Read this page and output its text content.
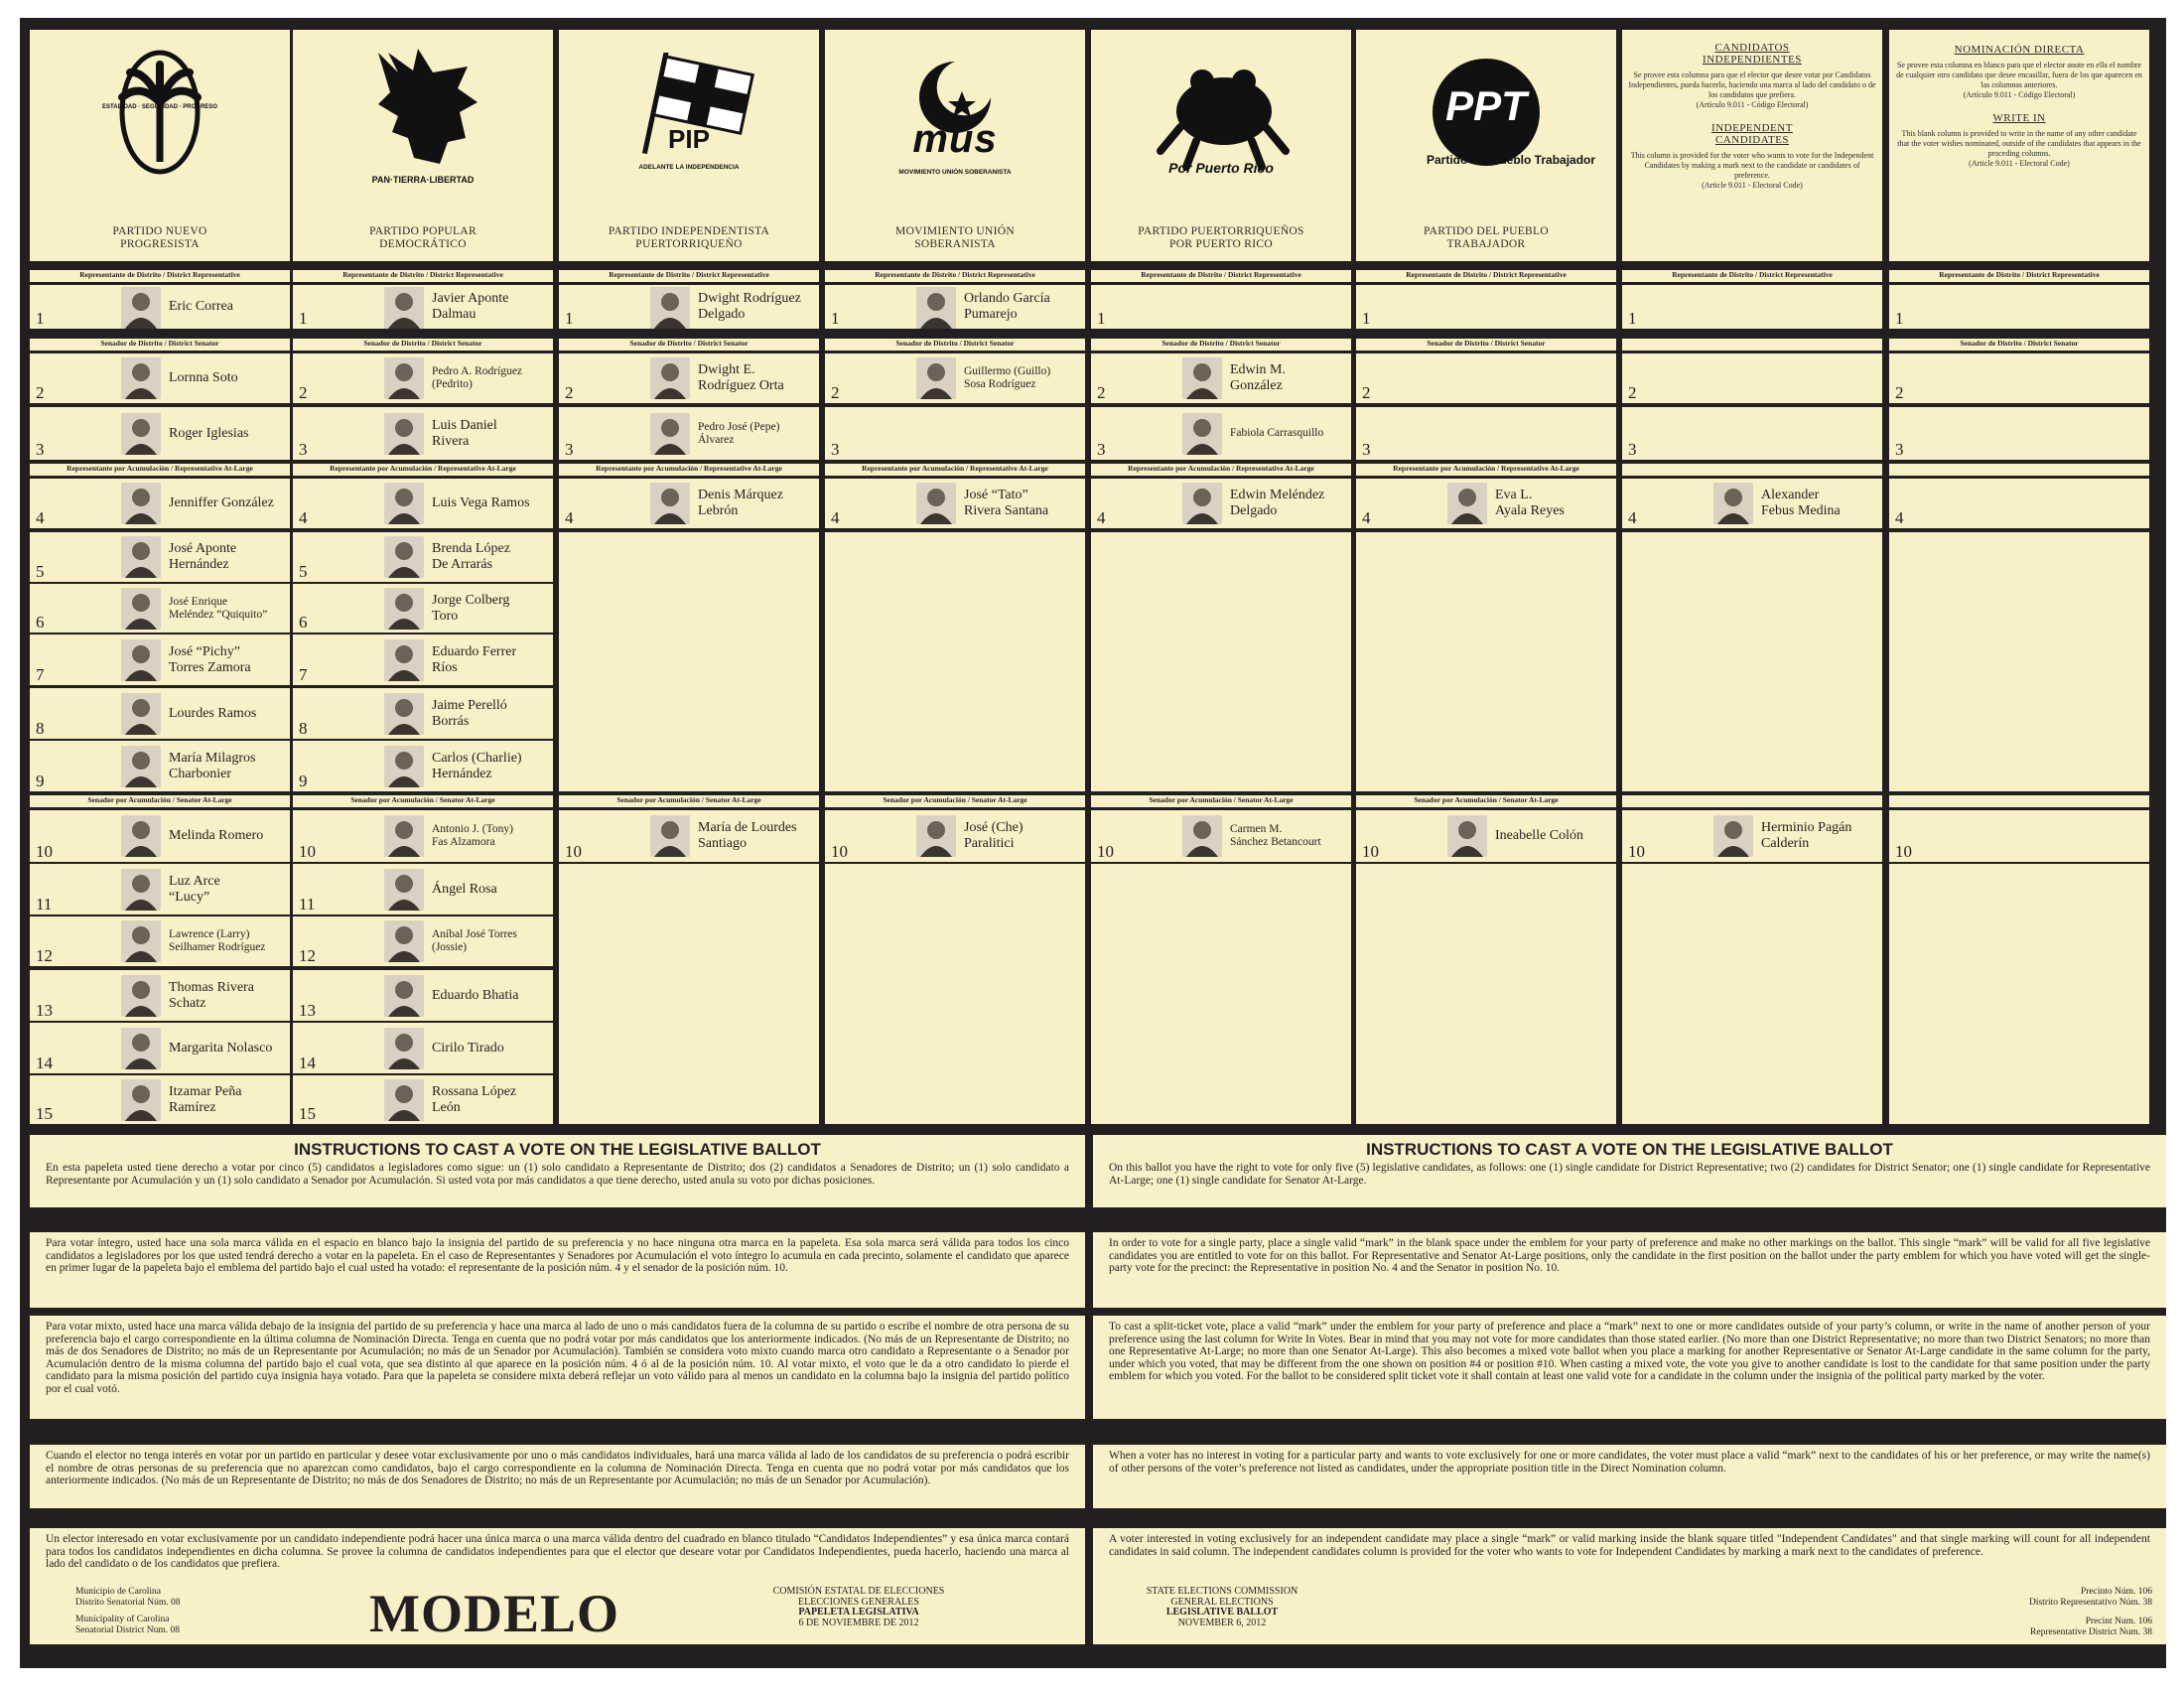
ESTADIDAD · SEGURIDAD · PROGRESO
PARTIDO NUEVO
PROGRESISTA
PAN·TIERRA·LIBERTAD
PARTIDO POPULAR
DEMOCRÁTICO
PIP
ADELANTE LA INDEPENDENCIA
PARTIDO INDEPENDENTISTA
PUERTORRIQUEÑO
mus
MOVIMIENTO UNIÓN SOBERANISTA
MOVIMIENTO UNIÓN
SOBERANISTA
Por Puerto Rico
PARTIDO PUERTORRIQUEÑOS
POR PUERTO RICO
PPT
Partido del Pueblo Trabajador
PARTIDO DEL PUEBLO
TRABAJADOR
CANDIDATOS
INDEPENDIENTES
Se provee esta columna para que el elector que desee votar por Candidatos Independientes, pueda hacerlo, haciendo una marca al lado del candidato o de los candidatos que prefiera.
(Artículo 9.011 - Código Electoral)
INDEPENDENT
CANDIDATES
This column is provided for the voter who wants to vote for the Independent Candidates by making a mark next to the candidate or candidates of preference.
(Article 9.011 - Electoral Code)
NOMINACIÓN DIRECTA
Se provee esta columna en blanco para que el elector anote en ella el nombre de cualquier otro candidato que desee encasillar, fuera de los que aparecen en las columnas anteriores.
(Artículo 9.011 - Código Electoral)
WRITE IN
This blank column is provided to write in the name of any other candidate that the voter wishes nominated, outside of the candidates that appears in the proceding columns.
(Article 9.011 - Electoral Code)
Representante de Distrito / District Representative
1
Eric Correa
Senador de Distrito / District Senator
2
Lornna Soto
3
Roger Iglesias
Representante por Acumulación / Representative At-Large
4
Jenniffer González
5
José Aponte
Hernández
6
José Enrique
Meléndez “Quiquito”
7
José “Pichy”
Torres Zamora
8
Lourdes Ramos
9
María Milagros
Charbonier
Senador por Acumulación / Senator At-Large
10
Melinda Romero
11
Luz Arce
“Lucy”
12
Lawrence (Larry)
Seilhamer Rodríguez
13
Thomas Rivera
Schatz
14
Margarita Nolasco
15
Itzamar Peña
Ramírez
Representante de Distrito / District Representative
1
Javier Aponte
Dalmau
Senador de Distrito / District Senator
2
Pedro A. Rodríguez
(Pedrito)
3
Luis Daniel
Rivera
Representante por Acumulación / Representative At-Large
4
Luis Vega Ramos
5
Brenda López
De Arrarás
6
Jorge Colberg
Toro
7
Eduardo Ferrer
Ríos
8
Jaime Perelló
Borrás
9
Carlos (Charlie)
Hernández
Senador por Acumulación / Senator At-Large
10
Antonio J. (Tony)
Fas Alzamora
11
Ángel Rosa
12
Aníbal José Torres
(Jossie)
13
Eduardo Bhatia
14
Cirilo Tirado
15
Rossana López
León
Representante de Distrito / District Representative
1
Dwight Rodríguez
Delgado
Senador de Distrito / District Senator
2
Dwight E.
Rodríguez Orta
3
Pedro José (Pepe)
Álvarez
Representante por Acumulación / Representative At-Large
4
Denis Márquez
Lebrón
Senador por Acumulación / Senator At-Large
10
María de Lourdes
Santiago
Representante de Distrito / District Representative
1
Orlando García
Pumarejo
Senador de Distrito / District Senator
2
Guillermo (Guillo)
Sosa Rodríguez
3
Representante por Acumulación / Representative At-Large
4
José “Tato”
Rivera Santana
Senador por Acumulación / Senator At-Large
10
José (Che)
Paralitici
Representante de Distrito / District Representative
1
Senador de Distrito / District Senator
2
Edwin M.
González
3
Fabiola Carrasquillo
Representante por Acumulación / Representative At-Large
4
Edwin Meléndez
Delgado
Senador por Acumulación / Senator At-Large
10
Carmen M.
Sánchez Betancourt
Representante de Distrito / District Representative
1
Senador de Distrito / District Senator
2
3
Representante por Acumulación / Representative At-Large
4
Eva L.
Ayala Reyes
Senador por Acumulación / Senator At-Large
10
Ineabelle Colón
Representante de Distrito / District Representative
1
2
3
4
Alexander
Febus Medina
10
Herminio Pagán
Calderín
Representante de Distrito / District Representative
1
Senador de Distrito / District Senator
2
3
4
10
INSTRUCTIONS TO CAST A VOTE ON THE LEGISLATIVE BALLOT
En esta papeleta usted tiene derecho a votar por cinco (5) candidatos a legisladores como sigue: un (1) solo candidato a Representante de Distrito; dos (2) candidatos a Senadores de Distrito; un (1) solo candidato a Representante por Acumulación y un (1) solo candidato a Senador por Acumulación. Si usted vota por más candidatos a que tiene derecho, usted anula su voto por dichas posiciones.
Para votar íntegro, usted hace una sola marca válida en el espacio en blanco bajo la insignia del partido de su preferencia y no hace ninguna otra marca en la papeleta. Esa sola marca será válida para todos los cinco candidatos a legisladores por los que usted tendrá derecho a votar en la papeleta. En el caso de Representantes y Senadores por Acumulación el voto íntegro lo acumula en cada precinto, solamente el candidato que aparece en primer lugar de la papeleta bajo el emblema del partido bajo el cual usted ha votado: el representante de la posición núm. 4 y el senador de la posición núm. 10.
Para votar mixto, usted hace una marca válida debajo de la insignia del partido de su preferencia y hace una marca al lado de uno o más candidatos fuera de la columna de su partido o escribe el nombre de otra persona de su preferencia bajo el cargo correspondiente en la última columna de Nominación Directa. Tenga en cuenta que no podrá votar por más candidatos que los anteriormente indicados. (No más de un Representante de Distrito; no más de dos Senadores de Distrito; no más de un Representante por Acumulación; no más de un Senador por Acumulación). También se considera voto mixto cuando marca otro candidato a Representante o a Senador por Acumulación dentro de la misma columna del partido bajo el cual vota, que sea distinto al que aparece en la posición núm. 4 ó al de la posición núm. 10. Al votar mixto, el voto que le da a otro candidato lo pierde el candidato para la misma posición del partido cuya insignia haya votado. Para que la papeleta se considere mixta deberá reflejar un voto válido para al menos un candidato en la columna bajo la insignia del partido político por el cual votó.
Cuando el elector no tenga interés en votar por un partido en particular y desee votar exclusivamente por uno o más candidatos individuales, hará una marca válida al lado de los candidatos de su preferencia o podrá escribir el nombre de otras personas de su preferencia que no aparezcan como candidatos, bajo el cargo correspondiente en la columna de Nominación Directa. Tenga en cuenta que no podrá votar por más candidatos que los anteriormente indicados. (No más de un Representante de Distrito; no más de dos Senadores de Distrito; no más de un Representante por Acumulación; no más de un Senador por Acumulación).
Un elector interesado en votar exclusivamente por un candidato independiente podrá hacer una única marca o una marca válida dentro del cuadrado en blanco titulado “Candidatos Independientes” y esa única marca contará para todos los candidatos independientes en dicha columna. Se provee la columna de candidatos independientes para que el elector que deseare votar por Candidatos Independientes, pueda hacerlo, haciendo una marca al lado del candidato o de los candidatos que prefiera.
INSTRUCTIONS TO CAST A VOTE ON THE LEGISLATIVE BALLOT
On this ballot you have the right to vote for only five (5) legislative candidates, as follows: one (1) single candidate for District Representative; two (2) candidates for District Senator; one (1) single candidate for Representative At-Large; one (1) single candidate for Senator At-Large.
In order to vote for a single party, place a single valid “mark” in the blank space under the emblem for your party of preference and make no other markings on the ballot. This single “mark” will be valid for all five legislative candidates you are entitled to vote for on this ballot. For Representative and Senator At-Large positions, only the candidate in the first position on the ballot under the party emblem for which you have voted will get the single-party vote for the precinct: the Representative in position No. 4 and the Senator in position No. 10.
To cast a split-ticket vote, place a valid “mark” under the emblem for your party of preference and place a “mark” next to one or more candidates outside of your party’s column, or write in the name of another person of your preference using the last column for Write In Votes. Bear in mind that you may not vote for more candidates than those stated earlier. (No more than one District Representative; no more than two District Senators; no more than one Representative At-Large; no more than one Senator At-Large). This also becomes a mixed vote ballot when you place a marking for another Representative or Senator At-Large candidate in the same column for the party, under which you voted, that may be different from the one shown on position #4 or position #10. When casting a mixed vote, the vote you give to another candidate is lost to the candidate for that same position under the party emblem for which you voted. For the ballot to be considered split ticket vote it shall contain at least one valid vote for a candidate in the column under the insignia of the political party marked by the voter.
When a voter has no interest in voting for a particular party and wants to vote exclusively for one or more candidates, the voter must place a valid “mark” next to the candidates of his or her preference, or may write the name(s) of other persons of the voter’s preference not listed as candidates, under the appropriate position title in the Direct Nomination column.
A voter interested in voting exclusively for an independent candidate may place a single “mark” or valid marking inside the blank square titled "Independent Candidates" and that single marking will count for all independent candidates in said column. The independent candidates column is provided for the voter who wants to vote for Independent Candidates by marking a mark next to the candidates of preference.
Municipio de Carolina
Distrito Senatorial Núm. 08
Municipality of Carolina
Senatorial District Num. 08	MODELO	COMISIÓN ESTATAL DE ELECCIONES
ELECCIONES GENERALES
PAPELETA LEGISLATIVA
6 DE NOVIEMBRE DE 2012
STATE ELECTIONS COMMISSION
GENERAL ELECTIONS
LEGISLATIVE BALLOT
NOVEMBER 6, 2012
Precinto Núm. 106
Distrito Representativo Núm. 38
Precint Num. 106
Representative District Num. 38
